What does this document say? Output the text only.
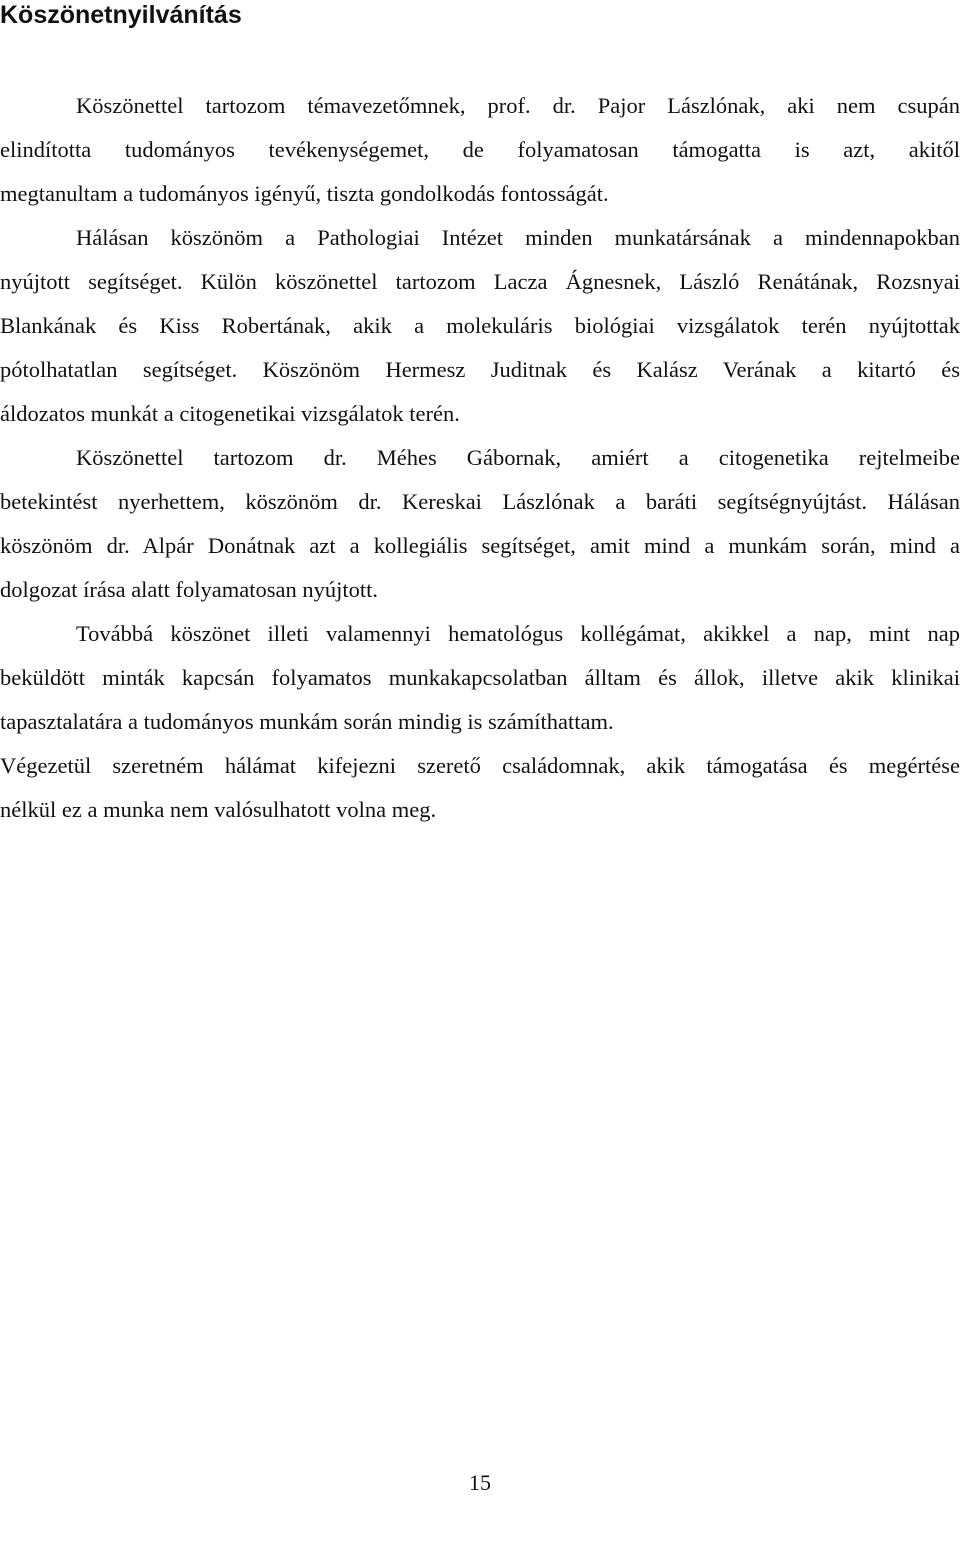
Köszönetnyilvánítás
Köszönettel tartozom témavezetőmnek, prof. dr. Pajor Lászlónak, aki nem csupán
elindította tudományos tevékenységemet, de folyamatosan támogatta is azt, akitől
megtanultam a tudományos igényű, tiszta gondolkodás fontosságát.
Hálásan köszönöm a Pathologiai Intézet minden munkatársának a mindennapokban
nyújtott segítséget. Külön köszönettel tartozom Lacza Ágnesnek, László Renátának, Rozsnyai
Blankának és Kiss Robertának, akik a molekuláris biológiai vizsgálatok terén nyújtottak
pótolhatatlan segítséget. Köszönöm Hermesz Juditnak és Kalász Verának a kitartó és
áldozatos munkát a citogenetikai vizsgálatok terén.
Köszönettel tartozom dr. Méhes Gábornak, amiért a citogenetika rejtelmeibe
betekintést nyerhettem, köszönöm dr. Kereskai Lászlónak a baráti segítségnyújtást. Hálásan
köszönöm dr. Alpár Donátnak azt a kollegiális segítséget, amit mind a munkám során, mind a
dolgozat írása alatt folyamatosan nyújtott.
Továbbá köszönet illeti valamennyi hematológus kollégámat, akikkel a nap, mint nap
beküldött minták kapcsán folyamatos munkakapcsolatban álltam és állok, illetve akik klinikai
tapasztalatára a tudományos munkám során mindig is számíthattam.
Végezetül szeretném hálámat kifejezni szerető családomnak, akik támogatása és megértése
nélkül ez a munka nem valósulhatott volna meg.
15
